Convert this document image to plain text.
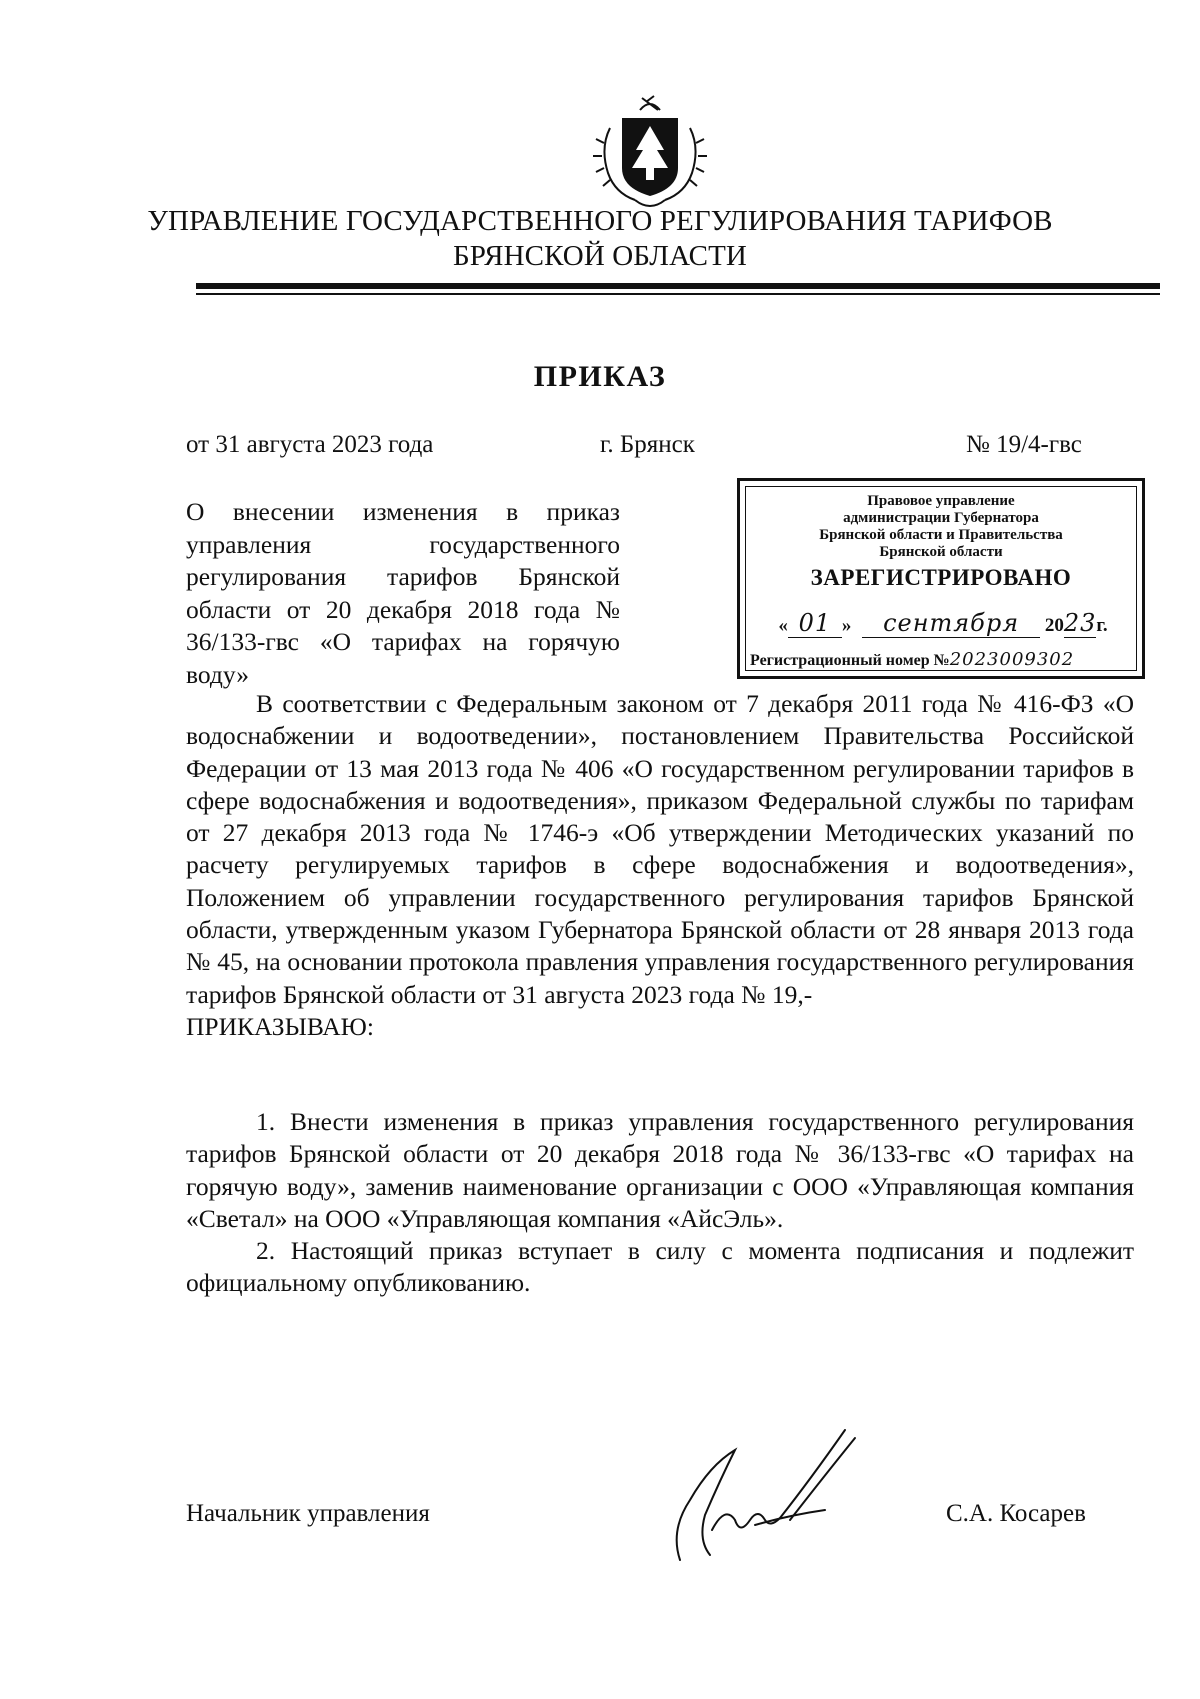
УПРАВЛЕНИЕ ГОСУДАРСТВЕННОГО РЕГУЛИРОВАНИЯ ТАРИФОВ
БРЯНСКОЙ ОБЛАСТИ
ПРИКАЗ
от 31 августа 2023 года	г. Брянск	№ 19/4-гвс
О внесении изменения в приказ управления государственного регулирования тарифов Брянской области от 20 декабря 2018 года № 36/133-гвс «О тарифах на горячую воду»
Правовое управление
администрации Губернатора
Брянской области и Правительства
Брянской области
ЗАРЕГИСТРИРОВАНО
« 01 » сентября 2023г.
Регистрационный номер №2023009302

В соответствии с Федеральным законом от 7 декабря 2011 года № 416-ФЗ «О водоснабжении и водоотведении», постановлением Правительства Российской Федерации от 13 мая 2013 года № 406 «О государственном регулировании тарифов в сфере водоснабжения и водоотведения», приказом Федеральной службы по тарифам от 27 декабря 2013 года № 1746-э «Об утверждении Методических указаний по расчету регулируемых тарифов в сфере водоснабжения и водоотведения», Положением об управлении государственного регулирования тарифов Брянской области, утвержденным указом Губернатора Брянской области от 28 января 2013 года № 45, на основании протокола правления управления государственного регулирования тарифов Брянской области от 31 августа 2023 года № 19,-

ПРИКАЗЫВАЮ:

1. Внести изменения в приказ управления государственного регулирования тарифов Брянской области от 20 декабря 2018 года № 36/133-гвс «О тарифах на горячую воду», заменив наименование организации с ООО «Управляющая компания «Светал» на ООО «Управляющая компания «АйсЭль».

2. Настоящий приказ вступает в силу с момента подписания и подлежит официальному опубликованию.

Начальник управления	С.А. Косарев
